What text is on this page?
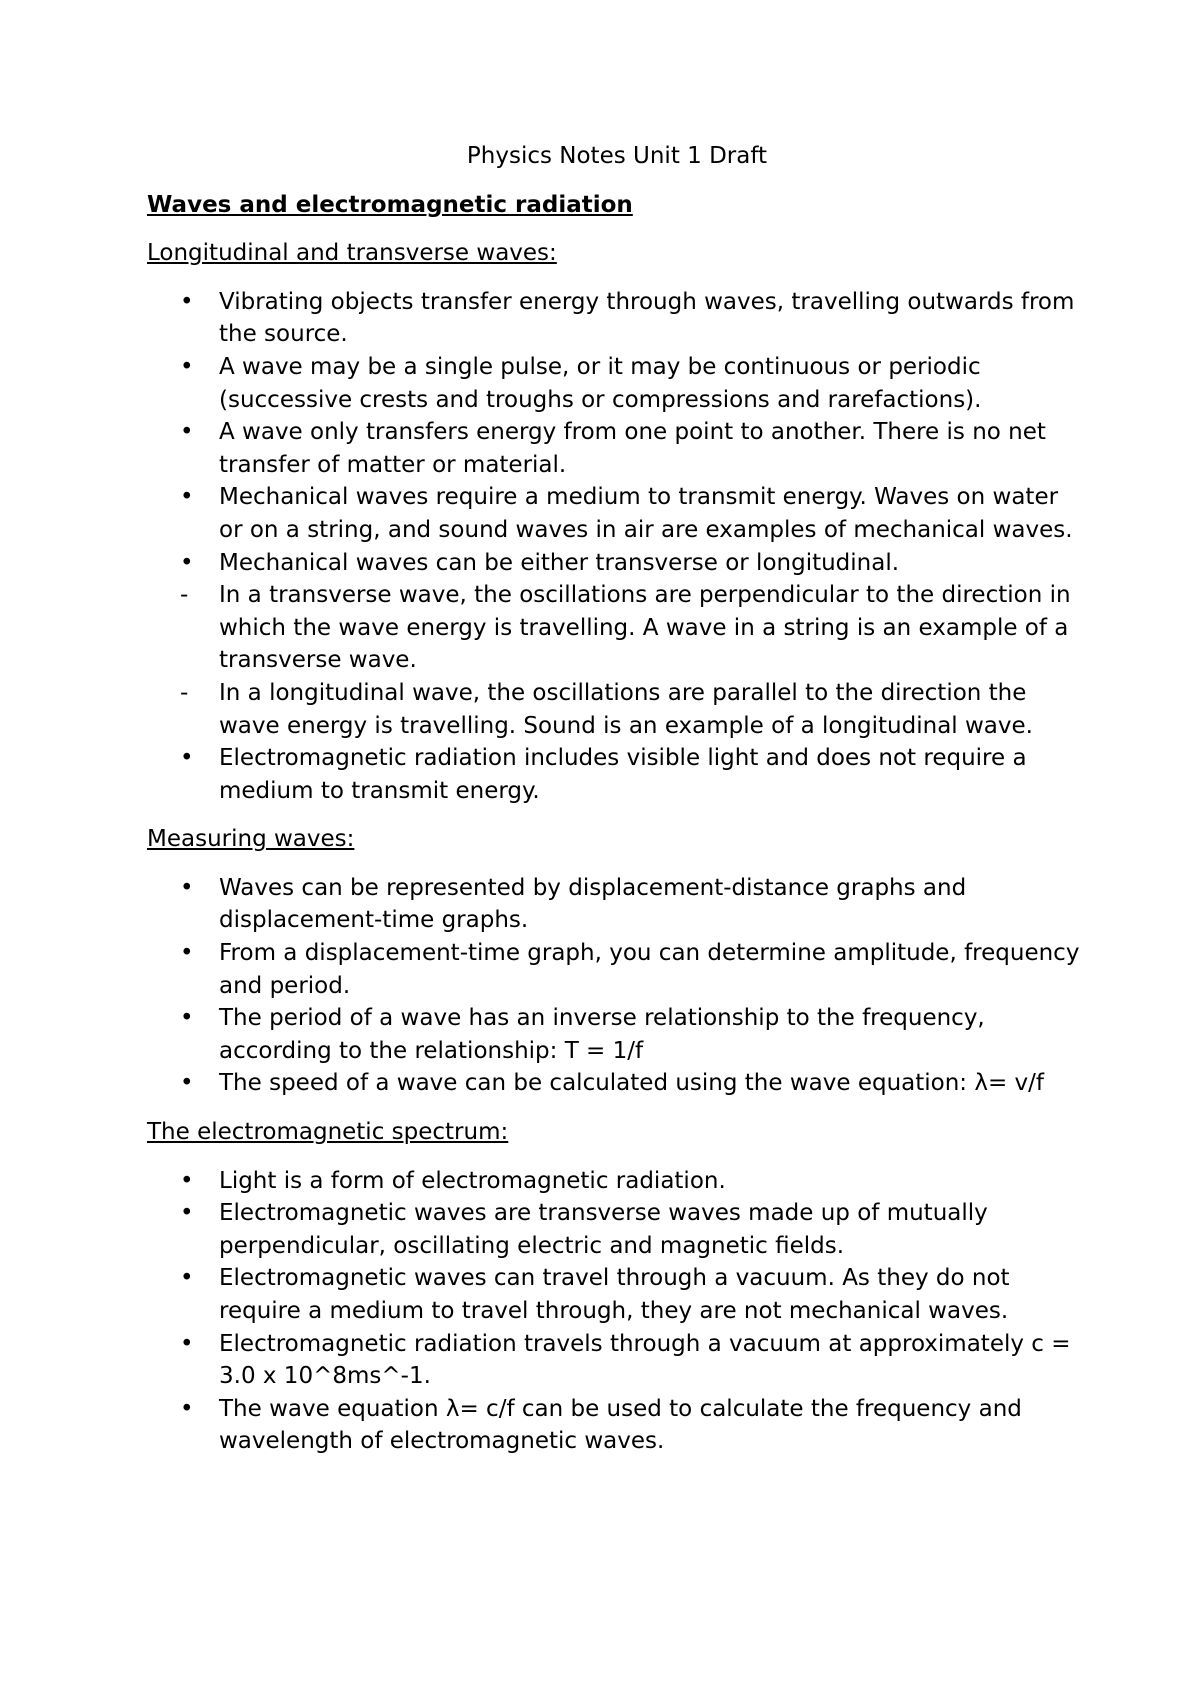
Physics Notes Unit 1 Draft
Waves and electromagnetic radiation
Longitudinal and transverse waves:
• Vibrating objects transfer energy through waves, travelling outwards from the source.
• A wave may be a single pulse, or it may be continuous or periodic (successive crests and troughs or compressions and rarefactions).
• A wave only transfers energy from one point to another. There is no net transfer of matter or material.
• Mechanical waves require a medium to transmit energy. Waves on water or on a string, and sound waves in air are examples of mechanical waves.
• Mechanical waves can be either transverse or longitudinal.
-	In a transverse wave, the oscillations are perpendicular to the direction in which the wave energy is travelling. A wave in a string is an example of a transverse wave.
-	In a longitudinal wave, the oscillations are parallel to the direction the wave energy is travelling. Sound is an example of a longitudinal wave.
• Electromagnetic radiation includes visible light and does not require a medium to transmit energy.
Measuring waves:
• Waves can be represented by displacement-distance graphs and displacement-time graphs.
• From a displacement-time graph, you can determine amplitude, frequency and period.
• The period of a wave has an inverse relationship to the frequency, according to the relationship: T = 1/f
• The speed of a wave can be calculated using the wave equation: λ= v/f
The electromagnetic spectrum:
• Light is a form of electromagnetic radiation.
• Electromagnetic waves are transverse waves made up of mutually perpendicular, oscillating electric and magnetic fields.
• Electromagnetic waves can travel through a vacuum. As they do not require a medium to travel through, they are not mechanical waves.
• Electromagnetic radiation travels through a vacuum at approximately c = 3.0 x 10^8ms^-1.
• The wave equation λ= c/f can be used to calculate the frequency and wavelength of electromagnetic waves.
